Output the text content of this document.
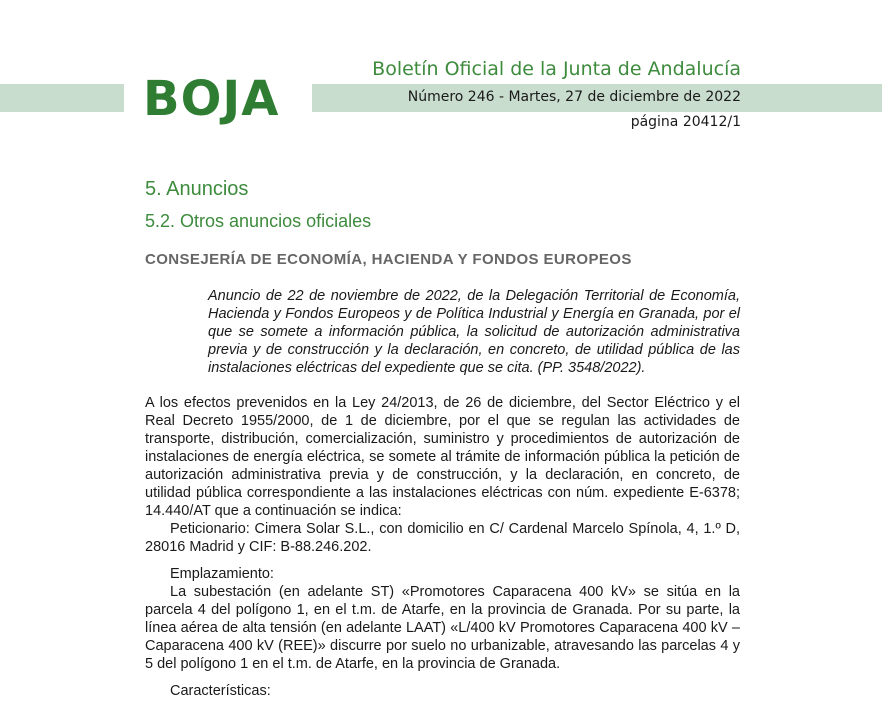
BOJA
Boletín Oficial de la Junta de Andalucía
Número 246 - Martes, 27 de diciembre de 2022
página 20412/1
5. Anuncios
5.2. Otros anuncios oficiales
CONSEJERÍA DE ECONOMÍA, HACIENDA Y FONDOS EUROPEOS

Anuncio de 22 de noviembre de 2022, de la Delegación Territorial de Economía, Hacienda y Fondos Europeos y de Política Industrial y Energía en Granada, por el que se somete a información pública, la solicitud de autorización administrativa previa y de construcción y la declaración, en concreto, de utilidad pública de las instalaciones eléctricas del expediente que se cita. (PP. 3548/2022).

A los efectos prevenidos en la Ley 24/2013, de 26 de diciembre, del Sector Eléctrico y el Real Decreto 1955/2000, de 1 de diciembre, por el que se regulan las actividades de transporte, distribución, comercialización, suministro y procedimientos de autorización de instalaciones de energía eléctrica, se somete al trámite de información pública la petición de autorización administrativa previa y de construcción, y la declaración, en concreto, de utilidad pública correspondiente a las instalaciones eléctricas con núm. expediente E-6378; 14.440/AT que a continuación se indica:

Peticionario: Cimera Solar S.L., con domicilio en C/ Cardenal Marcelo Spínola, 4, 1.º D, 28016 Madrid y CIF: B-88.246.202.

Emplazamiento:

La subestación (en adelante ST) «Promotores Caparacena 400 kV» se sitúa en la parcela 4 del polígono 1, en el t.m. de Atarfe, en la provincia de Granada. Por su parte, la línea aérea de alta tensión (en adelante LAAT) «L/400 kV Promotores Caparacena 400 kV – Caparacena 400 kV (REE)» discurre por suelo no urbanizable, atravesando las parcelas 4 y 5 del polígono 1 en el t.m. de Atarfe, en la provincia de Granada.

Características:
